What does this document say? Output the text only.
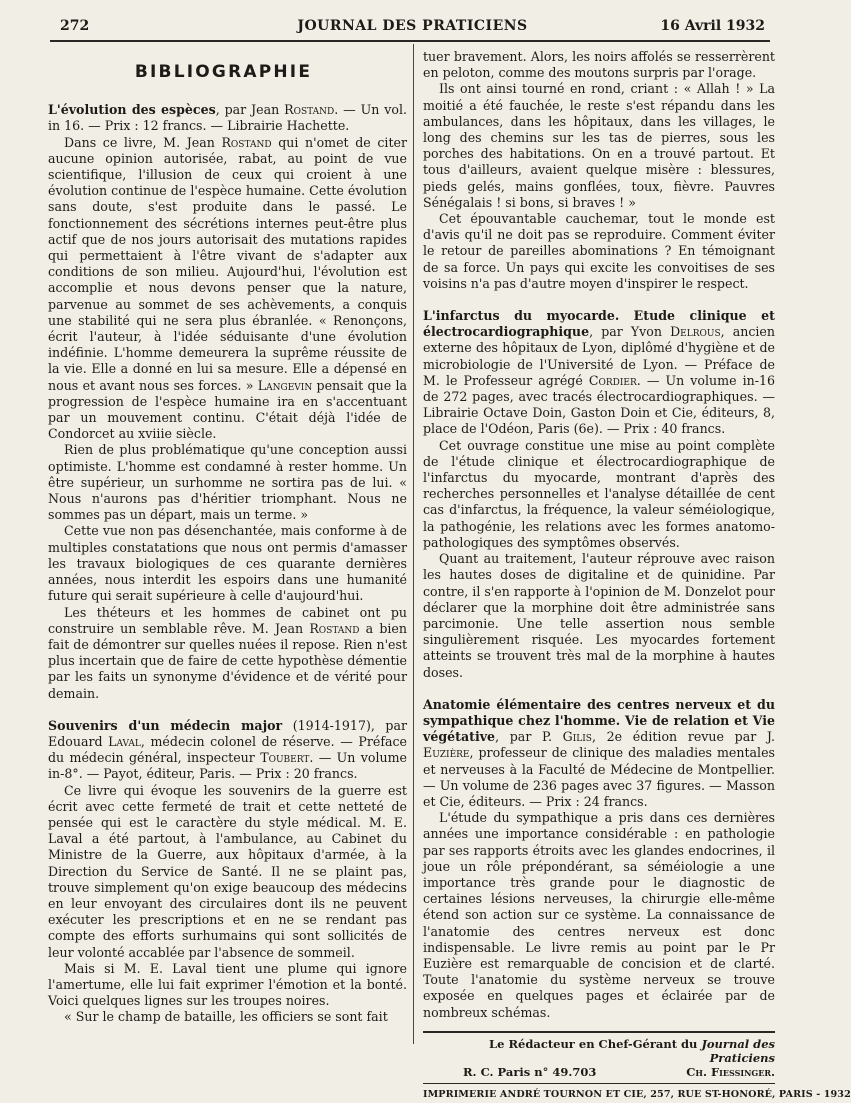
272	JOURNAL DES PRATICIENS	16 Avril 1932
BIBLIOGRAPHIE

L'évolution des espèces, par Jean Rostand. — Un vol. in 16. — Prix : 12 francs. — Librairie Hachette.

Dans ce livre, M. Jean Rostand qui n'omet de citer aucune opinion autorisée, rabat, au point de vue scientifique, l'illusion de ceux qui croient à une évolution continue de l'espèce humaine. Cette évolution sans doute, s'est produite dans le passé. Le fonctionnement des sécrétions internes peut-être plus actif que de nos jours autorisait des mutations rapides qui permettaient à l'être vivant de s'adapter aux conditions de son milieu. Aujourd'hui, l'évolution est accomplie et nous devons penser que la nature, parvenue au sommet de ses achèvements, a conquis une stabilité qui ne sera plus ébranlée. « Renonçons, écrit l'auteur, à l'idée séduisante d'une évolution indéfinie. L'homme demeurera la suprême réussite de la vie. Elle a donné en lui sa mesure. Elle a dépensé en nous et avant nous ses forces. » Langevin pensait que la progression de l'espèce humaine ira en s'accentuant par un mouvement continu. C'était déjà l'idée de Condorcet au xviiie siècle.

Rien de plus problématique qu'une conception aussi optimiste. L'homme est condamné à rester homme. Un être supérieur, un surhomme ne sortira pas de lui. « Nous n'aurons pas d'héritier triomphant. Nous ne sommes pas un départ, mais un terme. »

Cette vue non pas désenchantée, mais conforme à de multiples constatations que nous ont permis d'amasser les travaux biologiques de ces quarante dernières années, nous interdit les espoirs dans une humanité future qui serait supérieure à celle d'aujourd'hui.

Les théteurs et les hommes de cabinet ont pu construire un semblable rêve. M. Jean Rostand a bien fait de démontrer sur quelles nuées il repose. Rien n'est plus incertain que de faire de cette hypothèse démentie par les faits un synonyme d'évidence et de vérité pour demain.

Souvenirs d'un médecin major (1914-1917), par Edouard Laval, médecin colonel de réserve. — Préface du médecin général, inspecteur Toubert. — Un volume in-8°. — Payot, éditeur, Paris. — Prix : 20 francs.

Ce livre qui évoque les souvenirs de la guerre est écrit avec cette fermeté de trait et cette netteté de pensée qui est le caractère du style médical. M. E. Laval a été partout, à l'ambulance, au Cabinet du Ministre de la Guerre, aux hôpitaux d'armée, à la Direction du Service de Santé. Il ne se plaint pas, trouve simplement qu'on exige beaucoup des médecins en leur envoyant des circulaires dont ils ne peuvent exécuter les prescriptions et en ne se rendant pas compte des efforts surhumains qui sont sollicités de leur volonté accablée par l'absence de sommeil.

Mais si M. E. Laval tient une plume qui ignore l'amertume, elle lui fait exprimer l'émotion et la bonté. Voici quelques lignes sur les troupes noires.

« Sur le champ de bataille, les officiers se sont fait

tuer bravement. Alors, les noirs affolés se resserrèrent en peloton, comme des moutons surpris par l'orage.

Ils ont ainsi tourné en rond, criant : « Allah ! » La moitié a été fauchée, le reste s'est répandu dans les ambulances, dans les hôpitaux, dans les villages, le long des chemins sur les tas de pierres, sous les porches des habitations. On en a trouvé partout. Et tous d'ailleurs, avaient quelque misère : blessures, pieds gelés, mains gonflées, toux, fièvre. Pauvres Sénégalais ! si bons, si braves ! »

Cet épouvantable cauchemar, tout le monde est d'avis qu'il ne doit pas se reproduire. Comment éviter le retour de pareilles abominations ? En témoignant de sa force. Un pays qui excite les convoitises de ses voisins n'a pas d'autre moyen d'inspirer le respect.

L'infarctus du myocarde. Etude clinique et électrocardiographique, par Yvon Delrous, ancien externe des hôpitaux de Lyon, diplômé d'hygiène et de microbiologie de l'Université de Lyon. — Préface de M. le Professeur agrégé Cordier. — Un volume in-16 de 272 pages, avec tracés électrocardiographiques. — Librairie Octave Doin, Gaston Doin et Cie, éditeurs, 8, place de l'Odéon, Paris (6e). — Prix : 40 francs.

Cet ouvrage constitue une mise au point complète de l'étude clinique et électrocardiographique de l'infarctus du myocarde, montrant d'après des recherches personnelles et l'analyse détaillée de cent cas d'infarctus, la fréquence, la valeur séméiologique, la pathogénie, les relations avec les formes anatomo-pathologiques des symptômes observés.

Quant au traitement, l'auteur réprouve avec raison les hautes doses de digitaline et de quinidine. Par contre, il s'en rapporte à l'opinion de M. Donzelot pour déclarer que la morphine doit être administrée sans parcimonie. Une telle assertion nous semble singulièrement risquée. Les myocardes fortement atteints se trouvent très mal de la morphine à hautes doses.

Anatomie élémentaire des centres nerveux et du sympathique chez l'homme. Vie de relation et Vie végétative, par P. Gilis, 2e édition revue par J. Euzière, professeur de clinique des maladies mentales et nerveuses à la Faculté de Médecine de Montpellier. — Un volume de 236 pages avec 37 figures. — Masson et Cie, éditeurs. — Prix : 24 francs.

L'étude du sympathique a pris dans ces dernières années une importance considérable : en pathologie par ses rapports étroits avec les glandes endocrines, il joue un rôle prépondérant, sa séméiologie a une importance très grande pour le diagnostic de certaines lésions nerveuses, la chirurgie elle-même étend son action sur ce système. La connaissance de l'anatomie des centres nerveux est donc indispensable. Le livre remis au point par le Pr Euzière est remarquable de concision et de clarté. Toute l'anatomie du système nerveux se trouve exposée en quelques pages et éclairée par de nombreux schémas.

Le Rédacteur en Chef-Gérant du Journal des Praticiens
R. C. Paris n° 49.703	Ch. Fiessinger.
IMPRIMERIE ANDRÉ TOURNON ET CIE, 257, RUE ST-HONORÉ, PARIS - 1932
